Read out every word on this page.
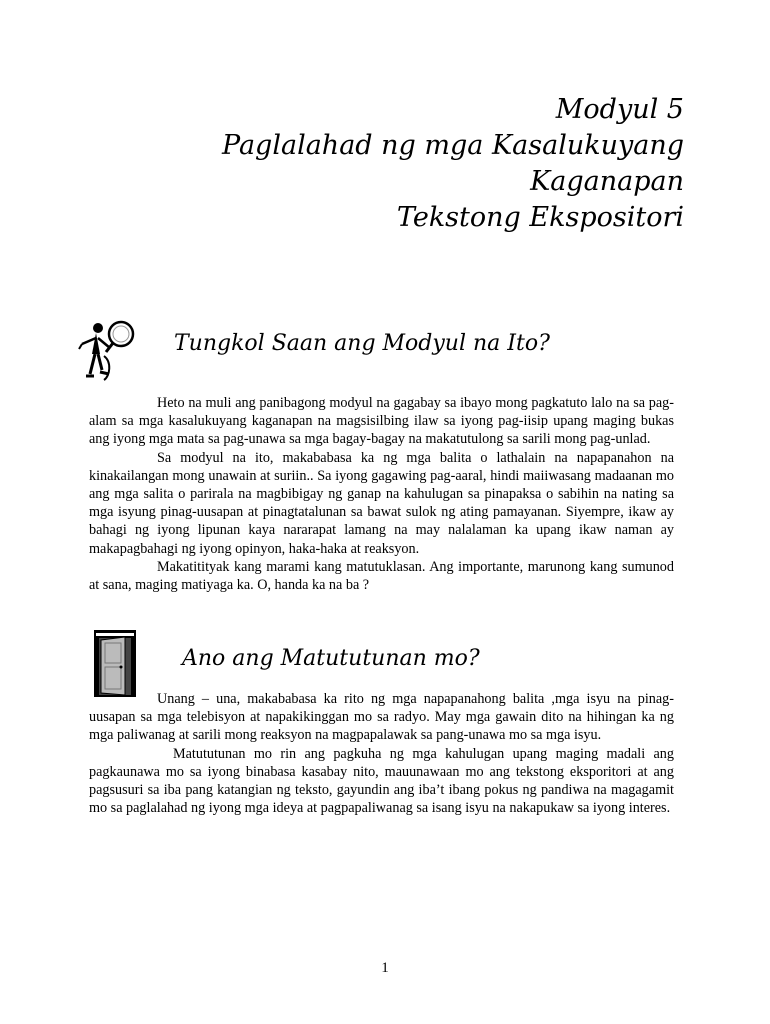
Modyul 5
Paglalahad ng mga Kasalukuyang
Kaganapan
Tekstong Ekspositori
Tungkol Saan ang Modyul na Ito?

Heto na muli ang panibagong modyul na gagabay sa ibayo mong pagkatuto lalo na sa pag-alam sa mga kasalukuyang kaganapan na magsisilbing ilaw sa iyong pag-iisip upang maging bukas ang iyong mga mata sa pag-unawa sa mga bagay-bagay na makatutulong sa sarili mong pag-unlad.

Sa modyul na ito, makababasa ka ng mga balita o lathalain na napapanahon na kinakailangan mong unawain at suriin.. Sa iyong gagawing pag-aaral, hindi maiiwasang madaanan mo ang mga salita o parirala na magbibigay ng ganap na kahulugan sa pinapaksa o sabihin na nating sa mga isyung pinag-uusapan at pinagtatalunan sa bawat sulok ng ating pamayanan. Siyempre, ikaw ay bahagi ng iyong lipunan kaya nararapat lamang na may nalalaman ka upang ikaw naman ay makapagbahagi ng iyong opinyon, haka-haka at reaksyon.

Makatitityak kang marami kang matutuklasan. Ang importante, marunong kang sumunod at sana, maging matiyaga ka. O, handa ka na ba ?

Ano ang Matututunan mo?

Unang – una, makababasa ka rito ng mga napapanahong balita ,mga isyu na pinag-uusapan sa mga telebisyon at napakikinggan mo sa radyo. May mga gawain dito na hihingan ka ng mga paliwanag at sarili mong reaksyon na magpapalawak sa pang-unawa mo sa mga isyu.

Matututunan mo rin ang pagkuha ng mga kahulugan upang maging madali ang pagkaunawa mo sa iyong binabasa kasabay nito, mauunawaan mo ang tekstong eksporitori at ang pagsusuri sa iba pang katangian ng teksto, gayundin ang iba’t ibang pokus ng pandiwa na magagamit mo sa paglalahad ng iyong mga ideya at pagpapaliwanag sa isang isyu na nakapukaw sa iyong interes.

1
